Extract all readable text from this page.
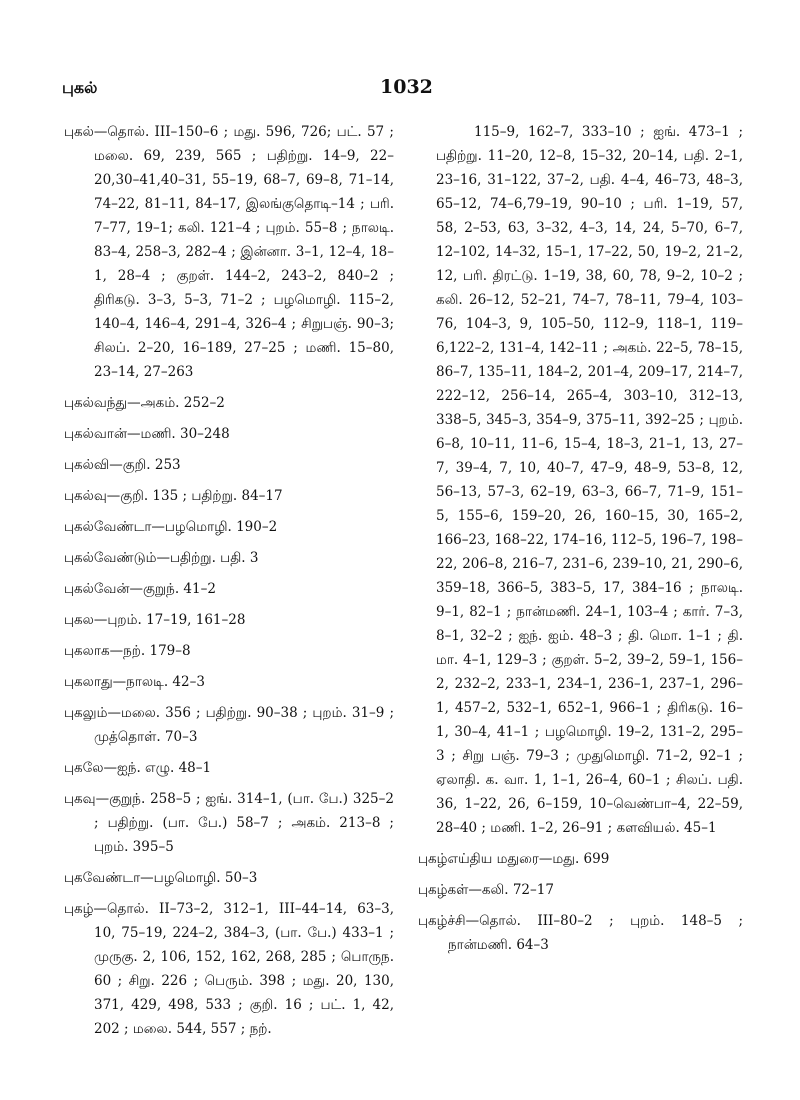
புகல்	1032
புகல்—தொல். III–150–6 ; மது. 596, 726; பட். 57 ; மலை. 69, 239, 565 ; பதிற்று. 14–9, 22–20,30–41,40–31, 55–19, 68–7, 69–8, 71–14, 74–22, 81–11, 84–17, இலங்குதொடி–14 ; பரி. 7–77, 19–1; கலி. 121–4 ; புறம். 55–8 ; நாலடி. 83–4, 258–3, 282–4 ; இன்னா. 3–1, 12–4, 18–1, 28–4 ; குறள். 144–2, 243–2, 840–2 ; திரிகடு. 3–3, 5–3, 71–2 ; பழமொழி. 115–2, 140–4, 146–4, 291–4, 326–4 ; சிறுபஞ். 90–3; சிலப். 2–20, 16–189, 27–25 ; மணி. 15–80, 23–14, 27–263
புகல்வந்து—அகம். 252–2
புகல்வான்—மணி. 30–248
புகல்வி—குறி. 253
புகல்வு—குறி. 135 ; பதிற்று. 84–17
புகல்வேண்டா—பழமொழி. 190–2
புகல்வேண்டும்—பதிற்று. பதி. 3
புகல்வேன்—குறுந். 41–2
புகல—புறம். 17–19, 161–28
புகலாக—நற். 179–8
புகலாது—நாலடி. 42–3
புகலும்—மலை. 356 ; பதிற்று. 90–38 ; புறம். 31–9 ; முத்தொள். 70–3
புகலே—ஐந். எழு. 48–1
புகவு—குறுந். 258–5 ; ஐங். 314–1, (பா. பே.) 325–2 ; பதிற்று. (பா. பே.) 58–7 ; அகம். 213–8 ; புறம். 395–5
புகவேண்டா—பழமொழி. 50–3
புகழ்—தொல். II–73–2, 312–1, III–44–14, 63–3, 10, 75–19, 224–2, 384–3, (பா. பே.) 433–1 ; முருகு. 2, 106, 152, 162, 268, 285 ; பொருந. 60 ; சிறு. 226 ; பெரும். 398 ; மது. 20, 130, 371, 429, 498, 533 ; குறி. 16 ; பட். 1, 42, 202 ; மலை. 544, 557 ; நற்.
115–9, 162–7, 333–10 ; ஐங். 473–1 ; பதிற்று. 11–20, 12–8, 15–32, 20–14, பதி. 2–1, 23–16, 31–122, 37–2, பதி. 4–4, 46–73, 48–3, 65–12, 74–6,79–19, 90–10 ; பரி. 1–19, 57, 58, 2–53, 63, 3–32, 4–3, 14, 24, 5–70, 6–7, 12–102, 14–32, 15–1, 17–22, 50, 19–2, 21–2, 12, பரி. திரட்டு. 1–19, 38, 60, 78, 9–2, 10–2 ; கலி. 26–12, 52–21, 74–7, 78–11, 79–4, 103–76, 104–3, 9, 105–50, 112–9, 118–1, 119–6,122–2, 131–4, 142–11 ; அகம். 22–5, 78–15, 86–7, 135–11, 184–2, 201–4, 209–17, 214–7, 222–12, 256–14, 265–4, 303–10, 312–13, 338–5, 345–3, 354–9, 375–11, 392–25 ; புறம். 6–8, 10–11, 11–6, 15–4, 18–3, 21–1, 13, 27–7, 39–4, 7, 10, 40–7, 47–9, 48–9, 53–8, 12, 56–13, 57–3, 62–19, 63–3, 66–7, 71–9, 151–5, 155–6, 159–20, 26, 160–15, 30, 165–2, 166–23, 168–22, 174–16, 112–5, 196–7, 198–22, 206–8, 216–7, 231–6, 239–10, 21, 290–6, 359–18, 366–5, 383–5, 17, 384–16 ; நாலடி. 9–1, 82–1 ; நான்மணி. 24–1, 103–4 ; கார். 7–3, 8–1, 32–2 ; ஐந். ஐம். 48–3 ; தி. மொ. 1–1 ; தி. மா. 4–1, 129–3 ; குறள். 5–2, 39–2, 59–1, 156–2, 232–2, 233–1, 234–1, 236–1, 237–1, 296–1, 457–2, 532–1, 652–1, 966–1 ; திரிகடு. 16–1, 30–4, 41–1 ; பழமொழி. 19–2, 131–2, 295–3 ; சிறு பஞ். 79–3 ; முதுமொழி. 71–2, 92–1 ; ஏலாதி. க. வா. 1, 1–1, 26–4, 60–1 ; சிலப். பதி. 36, 1–22, 26, 6–159, 10–வெண்பா–4, 22–59, 28–40 ; மணி. 1–2, 26–91 ; களவியல். 45–1
புகழ்எய்திய மதுரை—மது. 699
புகழ்கள்—கலி. 72–17
புகழ்ச்சி—தொல். III–80–2 ; புறம். 148–5 ; நான்மணி. 64–3
